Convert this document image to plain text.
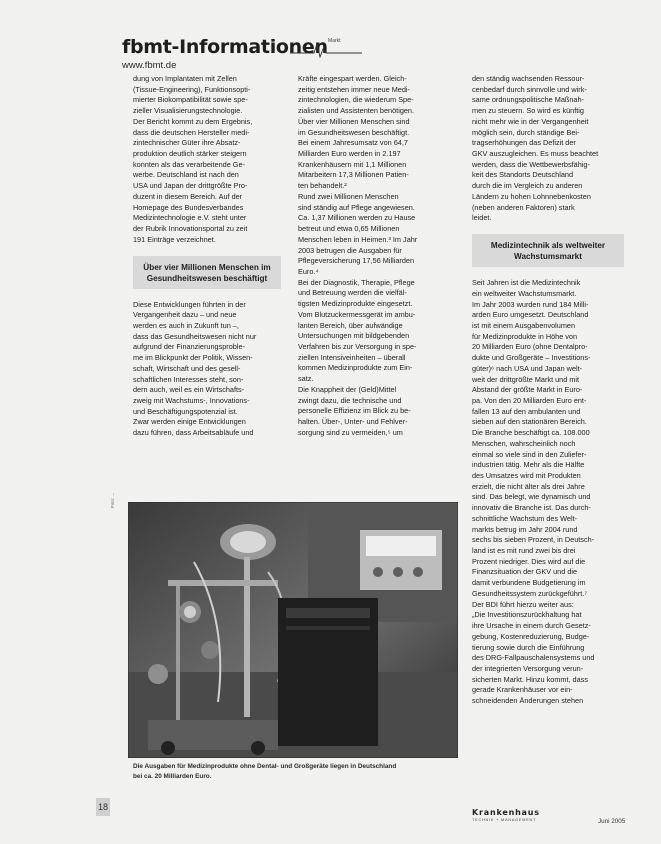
fbmt-Informationen
www.fbmt.de
Markt

dung von Implantaten mit Zellen
(Tissue-Engineering), Funktionsopti-
mierter Biokompatibilität sowie spe-
zieller Visualisierungstechnologie.
Der Bericht kommt zu dem Ergebnis,
dass die deutschen Hersteller medi-
zintechnischer Güter ihre Absatz-
produktion deutlich stärker steigern
konnten als das verarbeitende Ge-
werbe. Deutschland ist nach den
USA und Japan der drittgrößte Pro-
duzent in diesem Bereich. Auf der
Homepage des Bundesverbandes
Medizintechnologie e.V. steht unter
der Rubrik Innovationsportal zu zeit
191 Einträge verzeichnet.

Über vier Millionen Menschen im Gesundheitswesen beschäftigt

Diese Entwicklungen führten in der
Vergangenheit dazu – und neue
werden es auch in Zukunft tun –,
dass das Gesundheitswesen nicht nur
aufgrund der Finanzierungsproble-
me im Blickpunkt der Politik, Wissen-
schaft, Wirtschaft und des gesell-
schaftlichen Interesses steht, son-
dern auch, weil es ein Wirtschafts-
zweig mit Wachstums-, Innovations-
und Beschäftigungspotenzial ist.
Zwar werden einige Entwicklungen
dazu führen, dass Arbeitsabläufe und

Kräfte eingespart werden. Gleich-
zeitig entstehen immer neue Medi-
zintechnologien, die wiederum Spe-
zialisten und Assistenten benötigen.
Über vier Millionen Menschen sind
im Gesundheitswesen beschäftigt.
Bei einem Jahresumsatz von 64,7
Milliarden Euro werden in 2.197
Krankenhäusern mit 1,1 Millionen
Mitarbeitern 17,3 Millionen Patien-
ten behandelt.²
Rund zwei Millionen Menschen
sind ständig auf Pflege angewiesen.
Ca. 1,37 Millionen werden zu Hause
betreut und etwa 0,65 Millionen
Menschen leben in Heimen.³ Im Jahr
2003 betrugen die Ausgaben für
Pflegeversicherung 17,56 Milliarden
Euro.⁴
Bei der Diagnostik, Therapie, Pflege
und Betreuung werden die vielfäl-
tigsten Medizinprodukte eingesetzt.
Vom Blutzuckermessgerät im ambu-
lanten Bereich, über aufwändige
Untersuchungen mit bildgebenden
Verfahren bis zur Versorgung in spe-
ziellen Intensiveinheiten – überall
kommen Medizinprodukte zum Ein-
satz.
Die Knappheit der (Geld)Mittel
zwingt dazu, die technische und
personelle Effizienz im Blick zu be-
halten. Über-, Unter- und Fehlver-
sorgung sind zu vermeiden,⁵ um

den ständig wachsenden Ressour-
cenbedarf durch sinnvolle und wirk-
same ordnungspolitische Maßnah-
men zu steuern. So wird es künftig
nicht mehr wie in der Vergangenheit
möglich sein, durch ständige Bei-
tragserhöhungen das Defizit der
GKV auszugleichen. Es muss beachtet
werden, dass die Wettbewerbsfähig-
keit des Standorts Deutschland
durch die im Vergleich zu anderen
Ländern zu hohen Lohnnebenkosten
(neben anderen Faktoren) stark
leidet.

Medizintechnik als weltweiter Wachstumsmarkt

Seit Jahren ist die Medizintechnik
ein weltweiter Wachstumsmarkt.
Im Jahr 2003 wurden rund 184 Milli-
arden Euro umgesetzt. Deutschland
ist mit einem Ausgabenvolumen
für Medizinprodukte in Höhe von
20 Milliarden Euro (ohne Dentalpro-
dukte und Großgeräte – Investitions-
güter)⁶ nach USA und Japan welt-
weit der drittgrößte Markt und mit
Abstand der größte Markt in Euro-
pa. Von den 20 Milliarden Euro ent-
fallen 13 auf den ambulanten und
sieben auf den stationären Bereich.
Die Branche beschäftigt ca. 108.000
Menschen, wahrscheinlich noch
einmal so viele sind in den Zuliefer-
industrien tätig. Mehr als die Hälfte
des Umsatzes wird mit Produkten
erzielt, die nicht älter als drei Jahre
sind. Das belegt, wie dynamisch und
innovativ die Branche ist. Das durch-
schnittliche Wachstum des Welt-
markts betrug im Jahr 2004 rund
sechs bis sieben Prozent, in Deutsch-
land ist es mit rund zwei bis drei
Prozent niedriger. Dies wird auf die
Finanzsituation der GKV und die
damit verbundene Budgetierung im
Gesundheitssystem zurückgeführt.⁷
Der BDI führt hierzu weiter aus:
„Die Investitionszurückhaltung hat
ihre Ursache in einem durch Gesetz-
gebung, Kostenreduzierung, Budge-
tierung sowie durch die Einführung
des DRG-Fallpauschalensystems und
der integrierten Versorgung verun-
sicherten Markt. Hinzu kommt, dass
gerade Krankenhäuser vor ein-
schneidenden Änderungen stehen

Foto: ...
Die Ausgaben für Medizinprodukte ohne Dental- und Großgeräte liegen in Deutschland
bei ca. 20 Milliarden Euro.
18
Krankenhaus
TECHNIK + MANAGEMENT	Juni 2005
